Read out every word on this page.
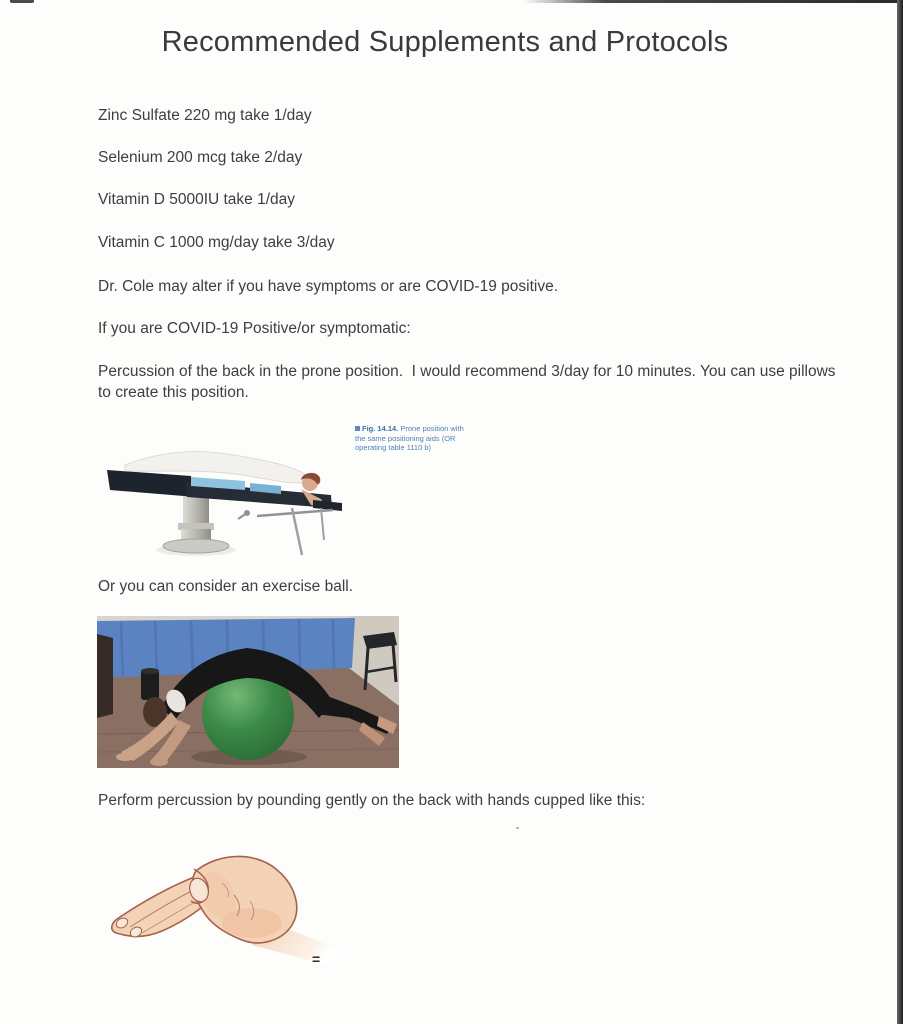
Recommended Supplements and Protocols
Zinc Sulfate 220 mg take 1/day
Selenium 200 mcg take 2/day
Vitamin D 5000IU take 1/day
Vitamin C 1000 mg/day take 3/day
Dr. Cole may alter if you have symptoms or are COVID-19 positive.
If you are COVID-19 Positive/or symptomatic:
Percussion of the back in the prone position.  I would recommend 3/day for 10 minutes. You can use pillows to create this position.
Fig. 14.14. Prone position with the same positioning aids (OR operating table 1110 b)
Or you can consider an exercise ball.
Perform percussion by pounding gently on the back with hands cupped like this:
=
